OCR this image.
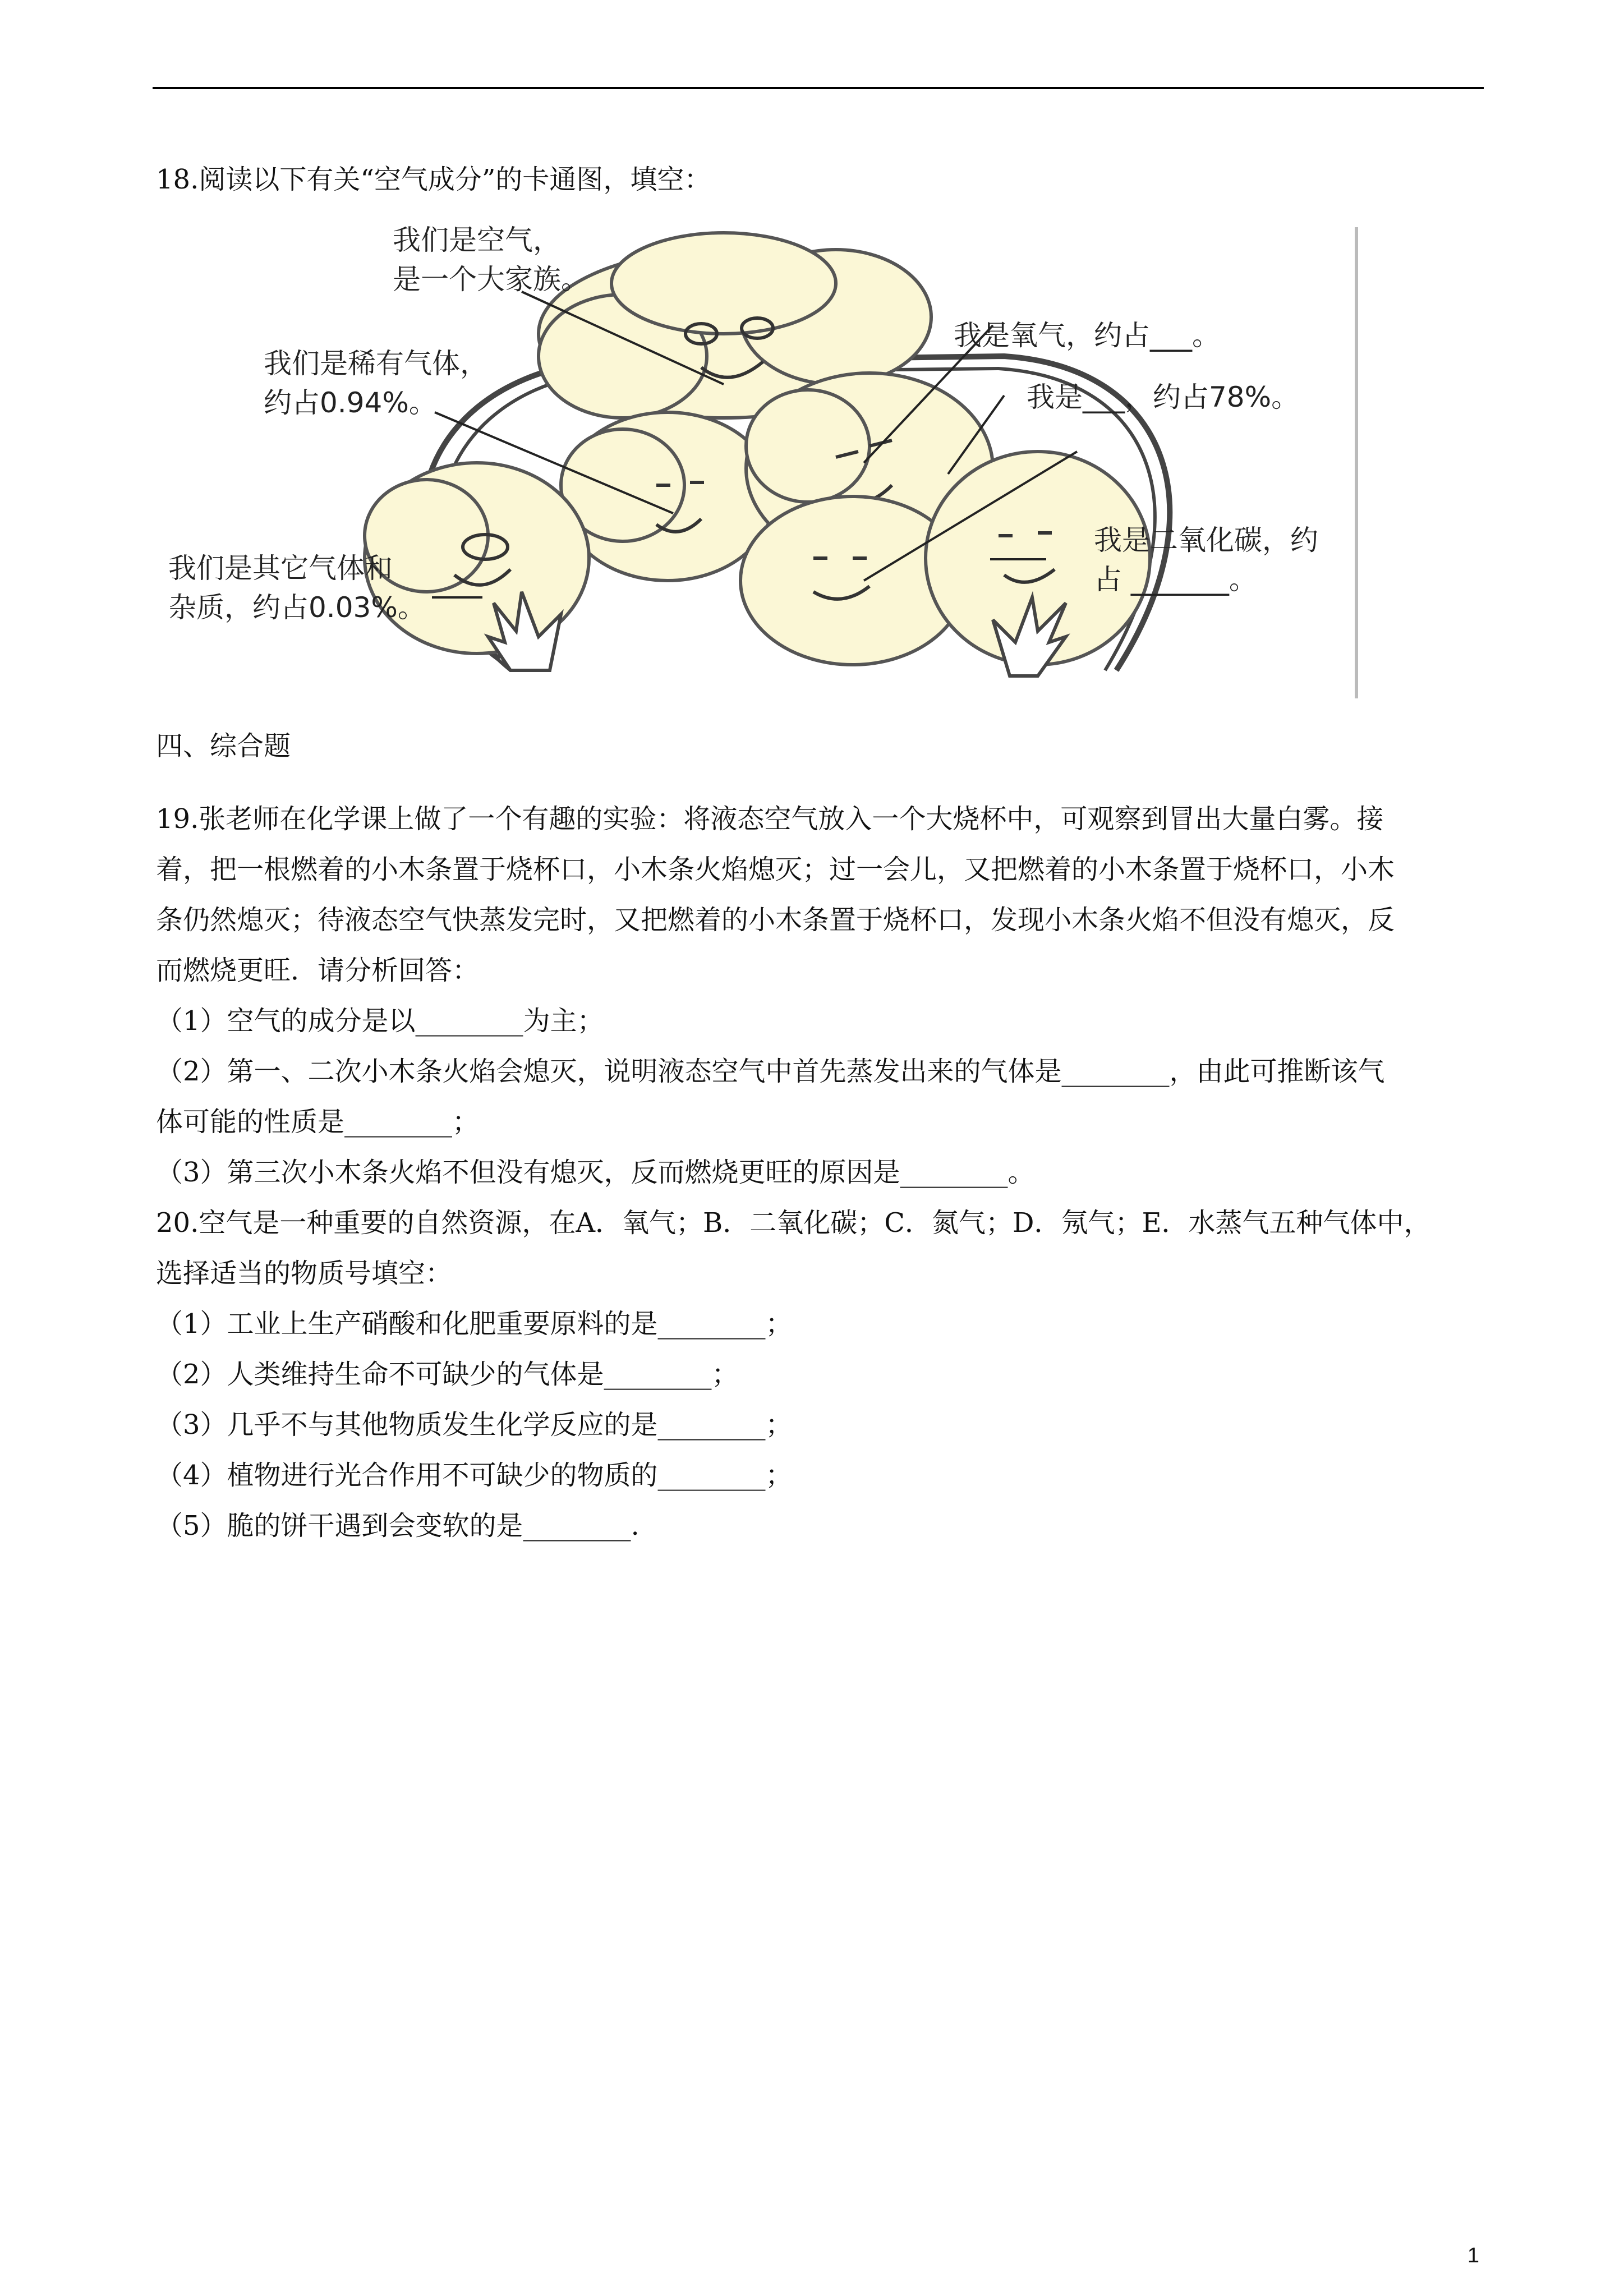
18.阅读以下有关“空气成分”的卡通图，填空：
我们是空气，
是一个大家族。
我是氧气，约占___。
我们是稀有气体，
约占0.94%。	我是___，约占78%。
我是二氧化碳，约
占 _______。
我们是其它气体和
杂质，约占0.03%。
四、综合题
19.张老师在化学课上做了一个有趣的实验：将液态空气放入一个大烧杯中，可观察到冒出大量白雾。接
着，把一根燃着的小木条置于烧杯口，小木条火焰熄灭；过一会儿，又把燃着的小木条置于烧杯口，小木
条仍然熄灭；待液态空气快蒸发完时，又把燃着的小木条置于烧杯口，发现小木条火焰不但没有熄灭，反
而燃烧更旺．请分析回答：
（1）空气的成分是以________为主；
（2）第一、二次小木条火焰会熄灭，说明液态空气中首先蒸发出来的气体是________，由此可推断该气
体可能的性质是________；
（3）第三次小木条火焰不但没有熄灭，反而燃烧更旺的原因是________。
20.空气是一种重要的自然资源，在A．氧气；B．二氧化碳；C．氮气；D．氖气；E．水蒸气五种气体中，
选择适当的物质号填空：
（1）工业上生产硝酸和化肥重要原料的是________；
（2）人类维持生命不可缺少的气体是________；
（3）几乎不与其他物质发生化学反应的是________；
（4）植物进行光合作用不可缺少的物质的________；
（5）脆的饼干遇到会变软的是________.
1
